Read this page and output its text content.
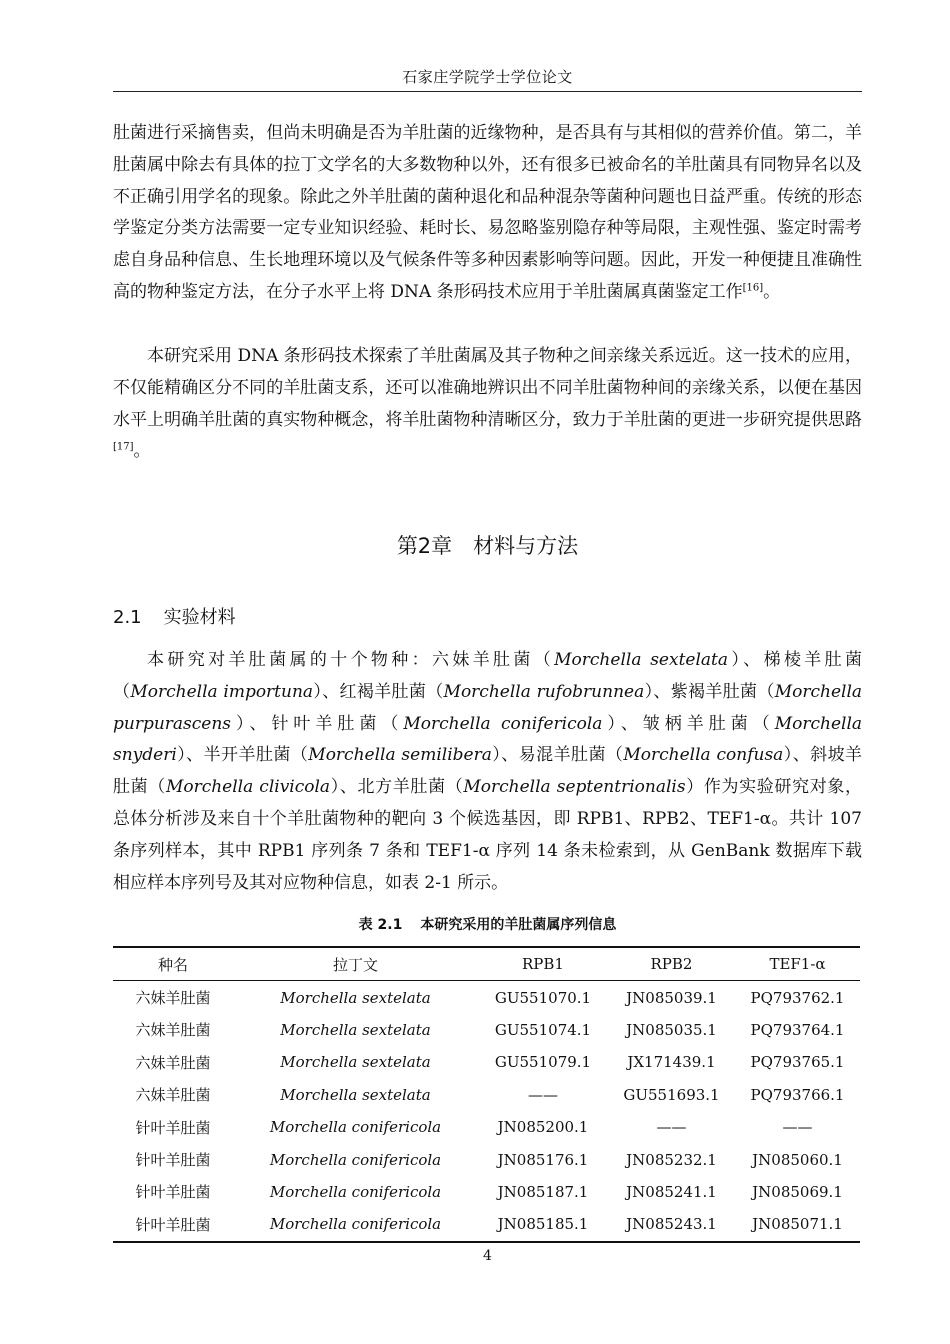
石家庄学院学士学位论文

肚菌进行采摘售卖，但尚未明确是否为羊肚菌的近缘物种，是否具有与其相似的营养价值。第二，羊肚菌属中除去有具体的拉丁文学名的大多数物种以外，还有很多已被命名的羊肚菌具有同物异名以及不正确引用学名的现象。除此之外羊肚菌的菌种退化和品种混杂等菌种问题也日益严重。传统的形态学鉴定分类方法需要一定专业知识经验、耗时长、易忽略鉴别隐存种等局限，主观性强、鉴定时需考虑自身品种信息、生长地理环境以及气候条件等多种因素影响等问题。因此，开发一种便捷且准确性高的物种鉴定方法，在分子水平上将 DNA 条形码技术应用于羊肚菌属真菌鉴定工作[16]。

本研究采用 DNA 条形码技术探索了羊肚菌属及其子物种之间亲缘关系远近。这一技术的应用，不仅能精确区分不同的羊肚菌支系，还可以准确地辨识出不同羊肚菌物种间的亲缘关系，以便在基因水平上明确羊肚菌的真实物种概念，将羊肚菌物种清晰区分，致力于羊肚菌的更进一步研究提供思路[17]。

第2章　材料与方法
2.1 实验材料

本研究对羊肚菌属的十个物种：六妹羊肚菌（Morchella sextelata）、梯棱羊肚菌（Morchella importuna）、红褐羊肚菌（Morchella rufobrunnea）、紫褐羊肚菌（Morchella purpurascens）、针叶羊肚菌（Morchella conifericola）、皱柄羊肚菌（Morchella snyderi）、半开羊肚菌（Morchella semilibera）、易混羊肚菌（Morchella confusa）、斜坡羊肚菌（Morchella clivicola）、北方羊肚菌（Morchella septentrionalis）作为实验研究对象，总体分析涉及来自十个羊肚菌物种的靶向 3 个候选基因，即 RPB1、RPB2、TEF1-α。共计 107 条序列样本，其中 RPB1 序列条 7 条和 TEF1-α 序列 14 条未检索到，从 GenBank 数据库下载相应样本序列号及其对应物种信息，如表 2-1 所示。

表 2.1 本研究采用的羊肚菌属序列信息
种名	拉丁文	RPB1	RPB2	TEF1-α
六妹羊肚菌	Morchella sextelata	GU551070.1	JN085039.1	PQ793762.1
六妹羊肚菌	Morchella sextelata	GU551074.1	JN085035.1	PQ793764.1
六妹羊肚菌	Morchella sextelata	GU551079.1	JX171439.1	PQ793765.1
六妹羊肚菌	Morchella sextelata	——	GU551693.1	PQ793766.1
针叶羊肚菌	Morchella conifericola	JN085200.1	——	——
针叶羊肚菌	Morchella conifericola	JN085176.1	JN085232.1	JN085060.1
针叶羊肚菌	Morchella conifericola	JN085187.1	JN085241.1	JN085069.1
针叶羊肚菌	Morchella conifericola	JN085185.1	JN085243.1	JN085071.1
4
